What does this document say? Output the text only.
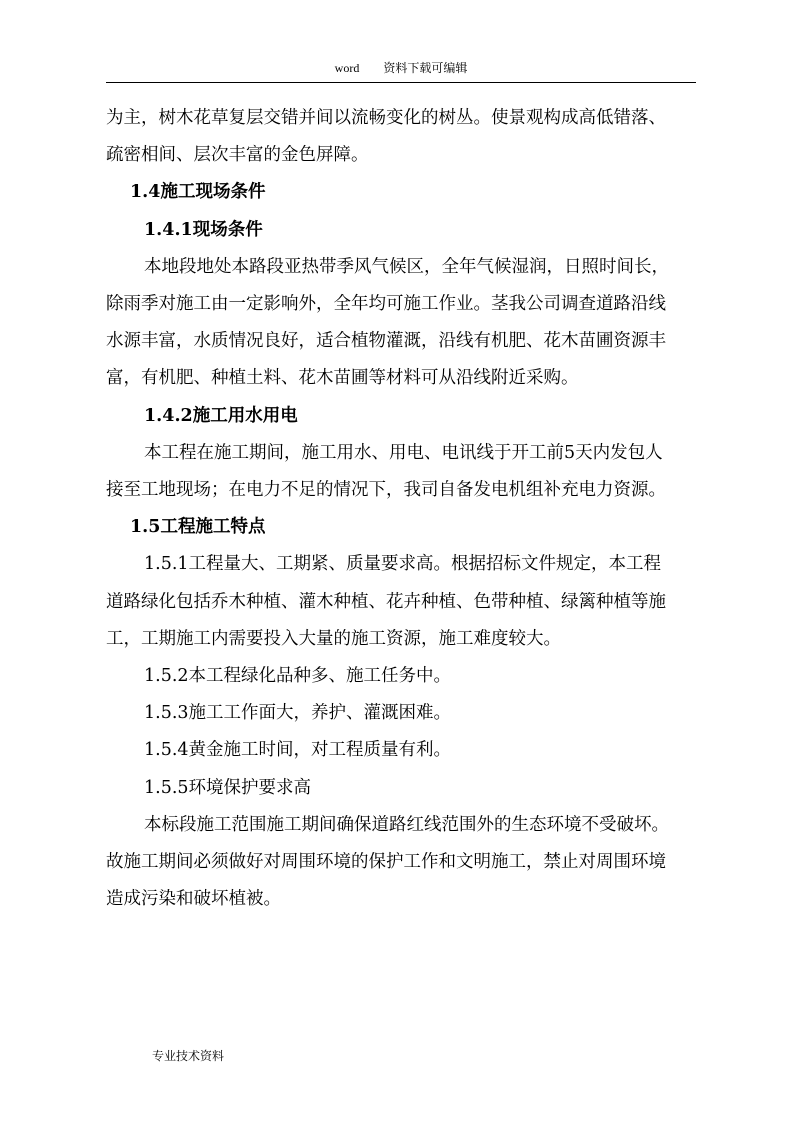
word 资料下载可编辑

为主，树木花草复层交错并间以流畅变化的树丛。使景观构成高低错落、

疏密相间、层次丰富的金色屏障。

1.4施工现场条件

1.4.1现场条件

本地段地处本路段亚热带季风气候区，全年气候湿润，日照时间长，

除雨季对施工由一定影响外，全年均可施工作业。茎我公司调查道路沿线

水源丰富，水质情况良好，适合植物灌溉，沿线有机肥、花木苗圃资源丰

富，有机肥、种植土料、花木苗圃等材料可从沿线附近采购。

1.4.2施工用水用电

本工程在施工期间，施工用水、用电、电讯线于开工前5天内发包人

接至工地现场；在电力不足的情况下，我司自备发电机组补充电力资源。

1.5工程施工特点

1.5.1工程量大、工期紧、质量要求高。根据招标文件规定，本工程

道路绿化包括乔木种植、灌木种植、花卉种植、色带种植、绿篱种植等施

工，工期施工内需要投入大量的施工资源，施工难度较大。

1.5.2本工程绿化品种多、施工任务中。

1.5.3施工工作面大，养护、灌溉困难。

1.5.4黄金施工时间，对工程质量有利。

1.5.5环境保护要求高

本标段施工范围施工期间确保道路红线范围外的生态环境不受破坏。

故施工期间必须做好对周围环境的保护工作和文明施工，禁止对周围环境

造成污染和破坏植被。

专业技术资料
